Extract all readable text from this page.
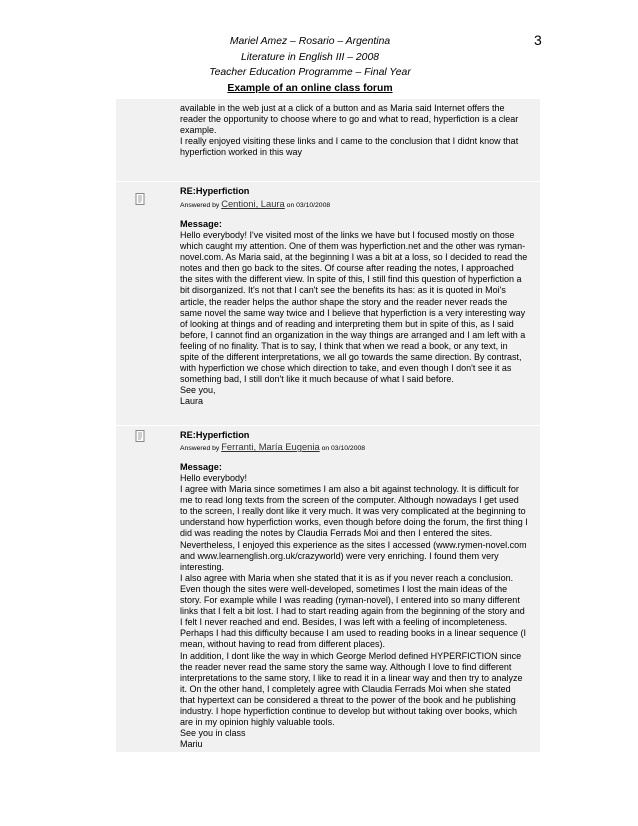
Mariel Amez – Rosario – Argentina
Literature in English III – 2008
Teacher Education Programme – Final Year
Example of an online class forum
3
available in the web just at a click of a button and as Maria said Internet offers the
reader the opportunity to choose where to go and what to read, hyperfiction is a clear
example.
I really enjoyed visiting these links and I came to the conclusion that I didnt know that
hyperfiction worked in this way
RE:Hyperfiction
Answered by Centioni, Laura on 03/10/2008
Message:
Hello everybody! I've visited most of the links we have but I focused mostly on those
which caught my attention. One of them was hyperfiction.net and the other was ryman-
novel.com. As Maria said, at the beginning I was a bit at a loss, so I decided to read the
notes and then go back to the sites. Of course after reading the notes, I approached
the sites with the different view. In spite of this, I still find this question of hyperfiction a
bit disorganized. It's not that I can't see the benefits its has: as it is quoted in Moi's
article, the reader helps the author shape the story and the reader never reads the
same novel the same way twice and I believe that hyperfiction is a very interesting way
of looking at things and of reading and interpreting them but in spite of this, as I said
before, I cannot find an organization in the way things are arranged and I am left with a
feeling of no finality. That is to say, I think that when we read a book, or any text, in
spite of the different interpretations, we all go towards the same direction. By contrast,
with hyperfiction we chose which direction to take, and even though I don't see it as
something bad, I still don't like it much because of what I said before.
See you,
Laura
RE:Hyperfiction
Answered by Ferranti, María Eugenia on 03/10/2008
Message:
Hello everybody!
I agree with Maria since sometimes I am also a bit against technology. It is difficult for
me to read long texts from the screen of the computer. Although nowadays I get used
to the screen, I really dont like it very much. It was very complicated at the beginning to
understand how hyperfiction works, even though before doing the forum, the first thing I
did was reading the notes by Claudia Ferrads Moi and then I entered the sites.
Nevertheless, I enjoyed this experience as the sites I accessed (www.rymen-novel.com
and www.learnenglish.org.uk/crazyworld) were very enriching. I found them very
interesting.
I also agree with Maria when she stated that it is as if you never reach a conclusion.
Even though the sites were well-developed, sometimes I lost the main ideas of the
story. For example while I was reading (ryman-novel), I entered into so many different
links that I felt a bit lost. I had to start reading again from the beginning of the story and
I felt I never reached and end. Besides, I was left with a feeling of incompleteness.
Perhaps I had this difficulty because I am used to reading books in a linear sequence (I
mean, without having to read from different places).
In addition, I dont like the way in which George Merlod defined HYPERFICTION since
the reader never read the same story the same way. Although I love to find different
interpretations to the same story, I like to read it in a linear way and then try to analyze
it. On the other hand, I completely agree with Claudia Ferrads Moi when she stated
that hypertext can be considered a threat to the power of the book and he publishing
industry. I hope hyperfiction continue to develop but without taking over books, which
are in my opinion highly valuable tools.
See you in class
Mariu
